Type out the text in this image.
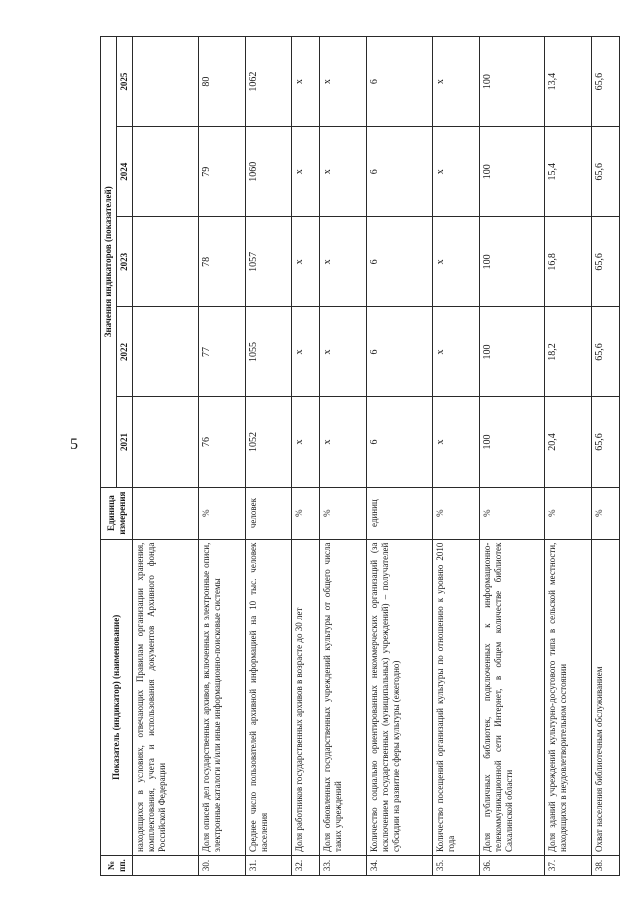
5
№ пп.	Показатель (индикатор) (наименование)	Единица измерения	Значения индикаторов (показателей)				
			2021	2022	2023	2024	2025
	находящихся в условиях, отвечающих Правилам организации хранения, комплектования, учета и использования документов Архивного фонда Российской Федерации						
30.	Доля описей дел государственных архивов, включенных в электронные описи, электронные каталоги и/или иные информационно-поисковые системы	%	76	77	78	79	80
31.	Среднее число пользователей архивной информацией на 10 тыс. человек населения	человек	1052	1055	1057	1060	1062
32.	Доля работников государственных архивов в возрасте до 30 лет	%	x	x	x	x	x
33.	Доля обновленных государственных учреждений культуры от общего числа таких учреждений	%	x	x	x	x	x
34.	Количество социально ориентированных некоммерческих организаций (за исключением государственных (муниципальных) учреждений) – получателей субсидии на развитие сферы культуры (ежегодно)	единиц	6	6	6	6	6
35.	Количество посещений организаций культуры по отношению к уровню 2010 года	%	x	x	x	x	x
36.	Доля публичных библиотек, подключенных к информационно-телекоммуникационной сети Интернет, в общем количестве библиотек Сахалинской области	%	100	100	100	100	100
37.	Доля зданий учреждений культурно-досугового типа в сельской местности, находящихся в неудовлетворительном состоянии	%	20,4	18,2	16,8	15,4	13,4
38.	Охват населения библиотечным обслуживанием	%	65,6	65,6	65,6	65,6	65,6
